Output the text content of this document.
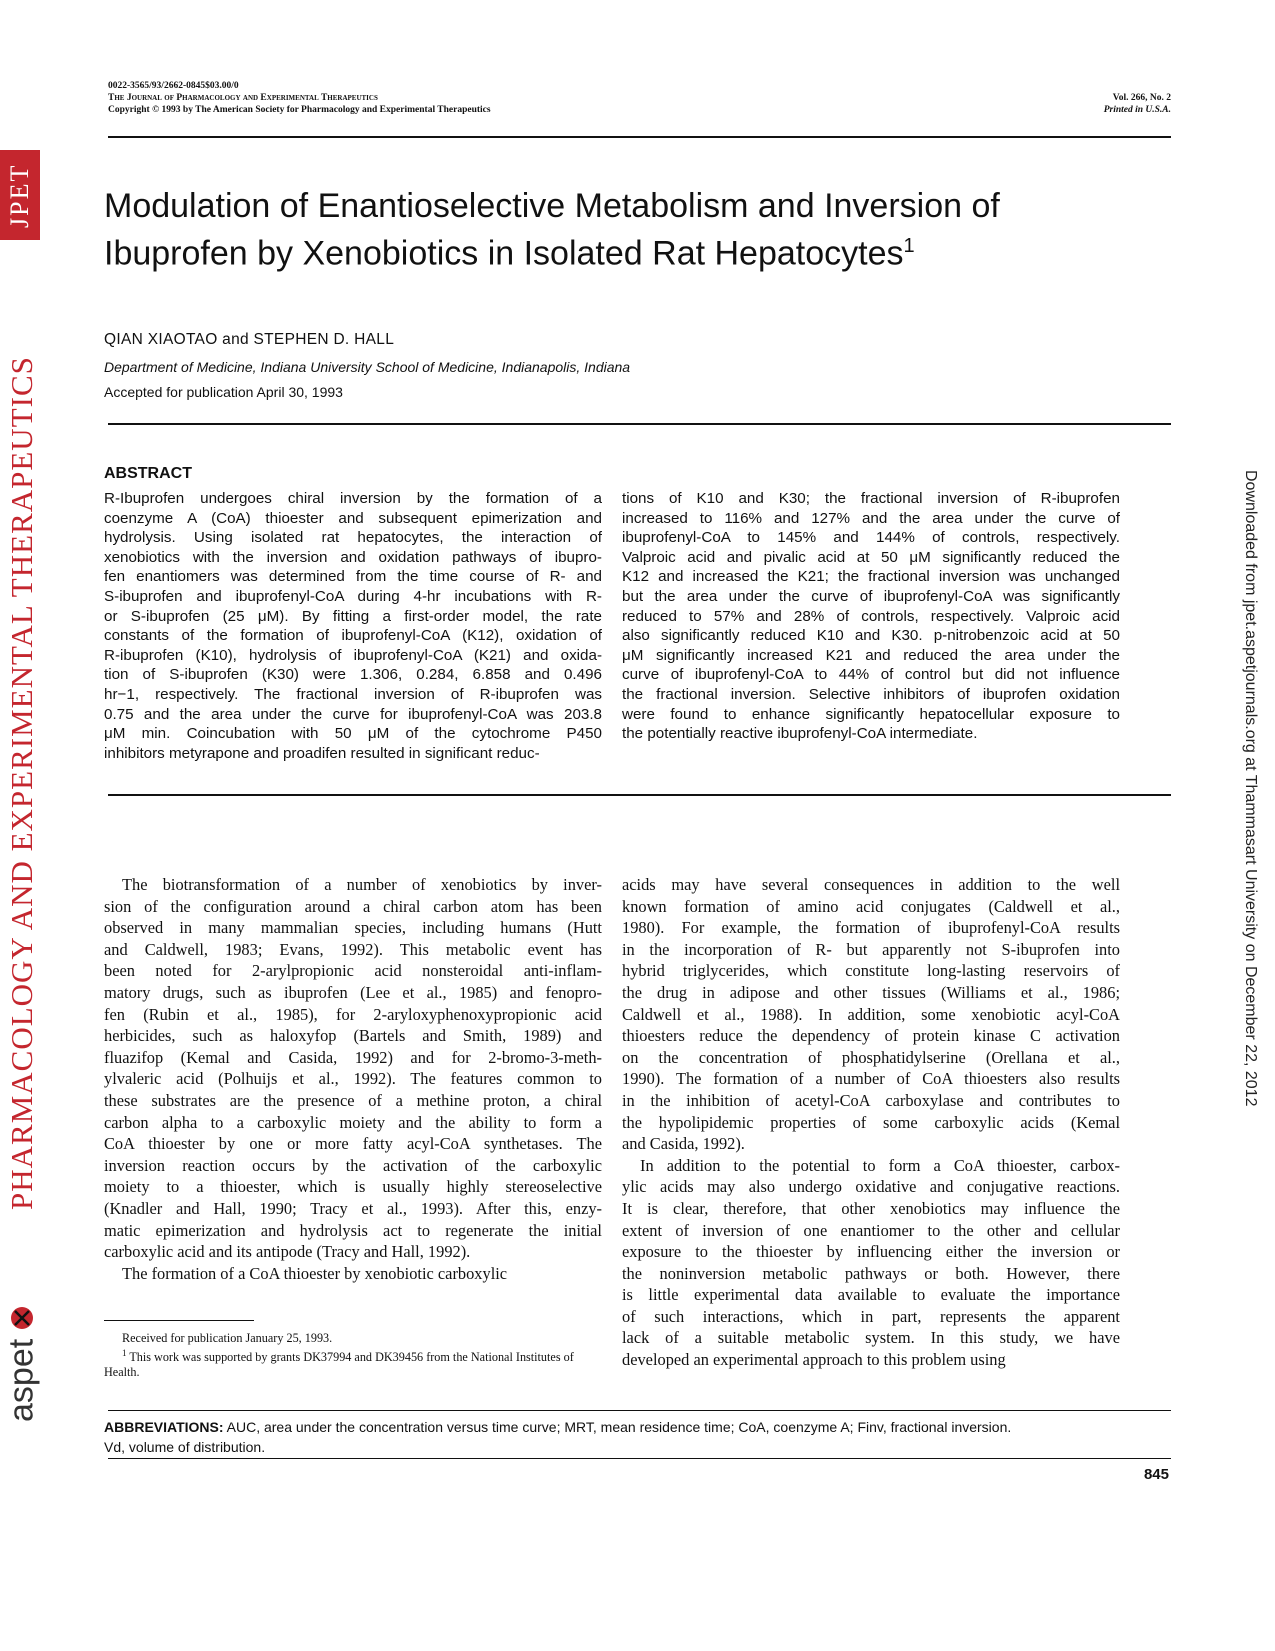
0022-3565/93/2662-0845$03.00/0
The Journal of Pharmacology and Experimental Therapeutics
Copyright © 1993 by The American Society for Pharmacology and Experimental Therapeutics
Vol. 266, No. 2
Printed in U.S.A.
JPET
PHARMACOLOGY AND EXPERIMENTAL THERAPEUTICS
aspet
Downloaded from jpet.aspetjournals.org at Thammasart University on December 22, 2012
Modulation of Enantioselective Metabolism and Inversion of
Ibuprofen by Xenobiotics in Isolated Rat Hepatocytes$^1$
QIAN XIAOTAO and STEPHEN D. HALL
Department of Medicine, Indiana University School of Medicine, Indianapolis, Indiana
Accepted for publication April 30, 1993
ABSTRACT
R-Ibuprofen undergoes chiral inversion by the formation of a
coenzyme A (CoA) thioester and subsequent epimerization and
hydrolysis. Using isolated rat hepatocytes, the interaction of
xenobiotics with the inversion and oxidation pathways of ibupro-
fen enantiomers was determined from the time course of R- and
S-ibuprofen and ibuprofenyl-CoA during 4-hr incubations with R-
or S-ibuprofen (25 μM). By fitting a first-order model, the rate
constants of the formation of ibuprofenyl-CoA (K12), oxidation of
R-ibuprofen (K10), hydrolysis of ibuprofenyl-CoA (K21) and oxida-
tion of S-ibuprofen (K30) were 1.306, 0.284, 6.858 and 0.496
hr−1, respectively. The fractional inversion of R-ibuprofen was
0.75 and the area under the curve for ibuprofenyl-CoA was 203.8
μM min. Coincubation with 50 μM of the cytochrome P450
inhibitors metyrapone and proadifen resulted in significant reduc-
tions of K10 and K30; the fractional inversion of R-ibuprofen
increased to 116% and 127% and the area under the curve of
ibuprofenyl-CoA to 145% and 144% of controls, respectively.
Valproic acid and pivalic acid at 50 μM significantly reduced the
K12 and increased the K21; the fractional inversion was unchanged
but the area under the curve of ibuprofenyl-CoA was significantly
reduced to 57% and 28% of controls, respectively. Valproic acid
also significantly reduced K10 and K30. p-nitrobenzoic acid at 50
μM significantly increased K21 and reduced the area under the
curve of ibuprofenyl-CoA to 44% of control but did not influence
the fractional inversion. Selective inhibitors of ibuprofen oxidation
were found to enhance significantly hepatocellular exposure to
the potentially reactive ibuprofenyl-CoA intermediate.
The biotransformation of a number of xenobiotics by inver-
sion of the configuration around a chiral carbon atom has been
observed in many mammalian species, including humans (Hutt
and Caldwell, 1983; Evans, 1992). This metabolic event has
been noted for 2-arylpropionic acid nonsteroidal anti-inflam-
matory drugs, such as ibuprofen (Lee et al., 1985) and fenopro-
fen (Rubin et al., 1985), for 2-aryloxyphenoxypropionic acid
herbicides, such as haloxyfop (Bartels and Smith, 1989) and
fluazifop (Kemal and Casida, 1992) and for 2-bromo-3-meth-
ylvaleric acid (Polhuijs et al., 1992). The features common to
these substrates are the presence of a methine proton, a chiral
carbon alpha to a carboxylic moiety and the ability to form a
CoA thioester by one or more fatty acyl-CoA synthetases. The
inversion reaction occurs by the activation of the carboxylic
moiety to a thioester, which is usually highly stereoselective
(Knadler and Hall, 1990; Tracy et al., 1993). After this, enzy-
matic epimerization and hydrolysis act to regenerate the initial
carboxylic acid and its antipode (Tracy and Hall, 1992).
The formation of a CoA thioester by xenobiotic carboxylic
acids may have several consequences in addition to the well
known formation of amino acid conjugates (Caldwell et al.,
1980). For example, the formation of ibuprofenyl-CoA results
in the incorporation of R- but apparently not S-ibuprofen into
hybrid triglycerides, which constitute long-lasting reservoirs of
the drug in adipose and other tissues (Williams et al., 1986;
Caldwell et al., 1988). In addition, some xenobiotic acyl-CoA
thioesters reduce the dependency of protein kinase C activation
on the concentration of phosphatidylserine (Orellana et al.,
1990). The formation of a number of CoA thioesters also results
in the inhibition of acetyl-CoA carboxylase and contributes to
the hypolipidemic properties of some carboxylic acids (Kemal
and Casida, 1992).
In addition to the potential to form a CoA thioester, carbox-
ylic acids may also undergo oxidative and conjugative reactions.
It is clear, therefore, that other xenobiotics may influence the
extent of inversion of one enantiomer to the other and cellular
exposure to the thioester by influencing either the inversion or
the noninversion metabolic pathways or both. However, there
is little experimental data available to evaluate the importance
of such interactions, which in part, represents the apparent
lack of a suitable metabolic system. In this study, we have
developed an experimental approach to this problem using

Received for publication January 25, 1993.

$^1$ This work was supported by grants DK37994 and DK39456 from the National Institutes of Health.

ABBREVIATIONS: AUC, area under the concentration versus time curve; MRT, mean residence time; CoA, coenzyme A; Finv, fractional inversion.
Vd, volume of distribution.
845
